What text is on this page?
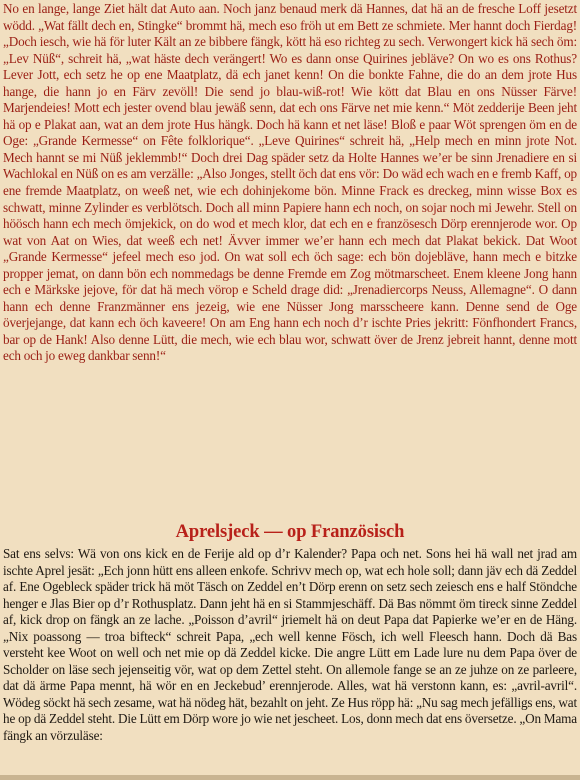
No en lange, lange Ziet hält dat Auto aan. Noch janz benaud merk dä Hannes, dat hä an de fresche Loff jesetzt wödd. „Wat fällt dech en, Stingke“ brommt hä, mech eso fröh ut em Bett ze schmiete. Mer hannt doch Fierdag! „Doch iesch, wie hä för luter Kält an ze bibbere fängk, kött hä eso richteg zu sech. Verwongert kick hä sech öm: „Lev Nüß“, schreit hä, „wat häste dech verängert! Wo es dann onse Quirines jebläve? On wo es ons Rothus? Lever Jott, ech setz he op ene Maatplatz, dä ech janet kenn! On die bonkte Fahne, die do an dem jrote Hus hange, die hann jo en Färv zevöll! Die send jo blau-wiß-rot! Wie kött dat Blau en ons Nüsser Färve! Marjendeies! Mott ech jester ovend blau jewäß senn, dat ech ons Färve net mie kenn.“ Möt zedderije Been jeht hä op e Plakat aan, wat an dem jrote Hus hängk. Doch hä kann et net läse! Bloß e paar Wöt sprengen öm en de Oge: „Grande Kermesse“ on Fête folklorique“. „Leve Quirines“ schreit hä, „Help mech en minn jrote Not. Mech hannt se mi Nüß jeklemmb!“ Doch drei Dag späder setz da Holte Hannes we’er be sinn Jrenadiere en si Wachlokal en Nüß on es am verzälle: „Also Jonges, stellt öch dat ens vör: Do wäd ech wach en e fremb Kaff, op ene fremde Maatplatz, on weeß net, wie ech dohinjekome bön. Minne Frack es dreckeg, minn wisse Box es schwatt, minne Zylinder es verblötsch. Doch all minn Papiere hann ech noch, on sojar noch mi Jewehr. Stell on höösch hann ech mech ömjekick, on do wod et mech klor, dat ech en e französesch Dörp erennjerode wor. Op wat von Aat on Wies, dat weeß ech net! Ävver immer we’er hann ech mech dat Plakat bekick. Dat Woot „Grande Kermesse“ jefeel mech eso jod. On wat soll ech öch sage: ech bön dojebläve, hann mech e bitzke propper jemat, on dann bön ech nommedags be denne Fremde em Zog mötmarscheet. Enem kleene Jong hann ech e Märkske jejove, för dat hä mech vörop e Scheld drage did: „Jrenadiercorps Neuss, Allemagne“. O dann hann ech denne Franzmänner ens jezeig, wie ene Nüsser Jong marsscheere kann. Denne send de Oge överjejange, dat kann ech öch kaveere! On am Eng hann ech noch d’r ischte Pries jekritt: Fönfhondert Francs, bar op de Hank! Also denne Lütt, die mech, wie ech blau wor, schwatt över de Jrenz jebreit hannt, denne mott ech och jo eweg dankbar senn!“

Aprelsjeck — op Französisch

Sat ens selvs: Wä von ons kick en de Ferije ald op d’r Kalender? Papa och net. Sons hei hä wall net jrad am ischte Aprel jesät: „Ech jonn hütt ens alleen enkofe. Schrivv mech op, wat ech hole soll; dann jäv ech dä Zeddel af. Ene Ogebleck späder trick hä möt Täsch on Zeddel en’t Dörp erenn on setz sech zeiesch ens e half Stöndche henger e Jlas Bier op d’r Rothusplatz. Dann jeht hä en si Stammjeschäff. Dä Bas nömmt öm tireck sinne Zeddel af, kick drop on fängk an ze lache. „Poisson d’avril“ jriemelt hä on deut Papa dat Papierke we’er en de Häng. „Nix poassong — troa bifteck“ schreit Papa, „ech well kenne Fösch, ich well Fleesch hann. Doch dä Bas versteht kee Woot on well och net mie op dä Zeddel kicke. Die angre Lütt em Lade lure nu dem Papa över de Scholder on läse sech jejenseitig vör, wat op dem Zettel steht. On allemole fange se an ze juhze on ze parleere, dat dä ärme Papa mennt, hä wör en en Jeckebud’ erennjerode. Alles, wat hä verstonn kann, es: „avril-avril“. Wödeg söckt hä sech zesame, wat hä nödeg hät, bezahlt on jeht. Ze Hus röpp hä: „Nu sag mech jefälligs ens, wat he op dä Zeddel steht. Die Lütt em Dörp wore jo wie net jescheet. Los, donn mech dat ens översetze. „On Mama fängk an vörzuläse:
